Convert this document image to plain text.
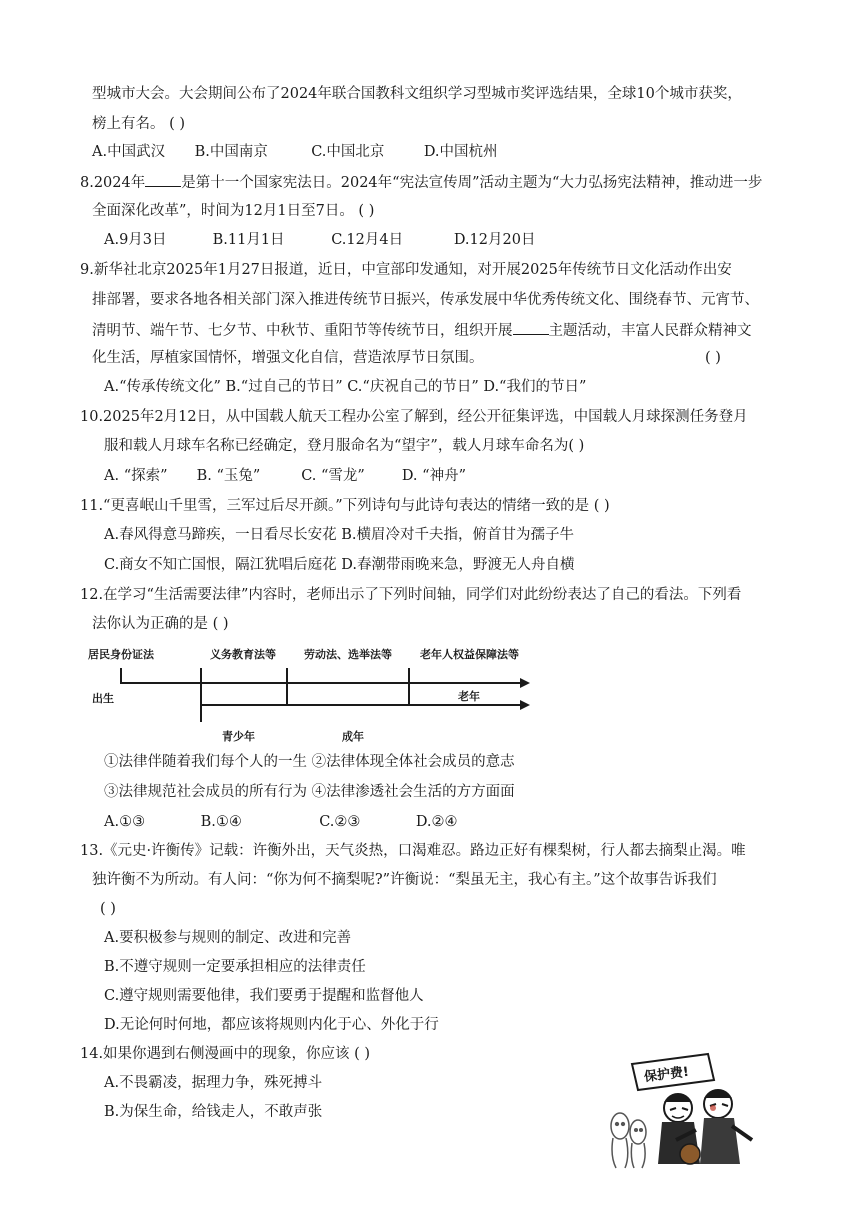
型城市大会。大会期间公布了2024年联合国教科文组织学习型城市奖评选结果，全球10个城市获奖，
榜上有名。 ( )
A.中国武汉 B.中国南京	C.中国北京	D.中国杭州
8.2024年 是第十一个国家宪法日。2024年“宪法宣传周”活动主题为“大力弘扬宪法精神，推动进一步
全面深化改革”，时间为12月1日至7日。 ( )
A.9月3日	B.11月1日	C.12月4日	D.12月20日
9.新华社北京2025年1月27日报道，近日，中宣部印发通知，对开展2025年传统节日文化活动作出安
排部署，要求各地各相关部门深入推进传统节日振兴，传承发展中华优秀传统文化、围绕春节、元宵节、
清明节、端午节、七夕节、中秋节、重阳节等传统节日，组织开展 主题活动，丰富人民群众精神文
化生活，厚植家国情怀，增强文化自信，营造浓厚节日氛围。	( )
A.“传承传统文化” B.“过自己的节日” C.“庆祝自己的节日” D.“我们的节日”
10.2025年2月12日，从中国载人航天工程办公室了解到，经公开征集评选，中国载人月球探测任务登月
服和载人月球车名称已经确定，登月服命名为“望宇”，载人月球车命名为( )
A. “探索” B. “玉兔”	C. “雪龙”	D. “神舟”
11.“更喜岷山千里雪，三军过后尽开颜。”下列诗句与此诗句表达的情绪一致的是 ( )
A.春风得意马蹄疾，一日看尽长安花 B.横眉冷对千夫指，俯首甘为孺子牛
C.商女不知亡国恨，隔江犹唱后庭花 D.春潮带雨晚来急，野渡无人舟自横
12.在学习“生活需要法律”内容时，老师出示了下列时间轴，同学们对此纷纷表达了自己的看法。下列看
法你认为正确的是 ( )
居民身份证法	义务教育法等	劳动法、选举法等	老年人权益保障法等
出生	老年
青少年	成年
①法律伴随着我们每个人的一生 ②法律体现全体社会成员的意志
③法律规范社会成员的所有行为 ④法律渗透社会生活的方方面面
A.①③	B.①④	C.②③	D.②④
13.《元史·许衡传》记载：许衡外出，天气炎热，口渴难忍。路边正好有棵梨树，行人都去摘梨止渴。唯
独许衡不为所动。有人问：“你为何不摘梨呢?”许衡说：“梨虽无主，我心有主。”这个故事告诉我们
( )
A.要积极参与规则的制定、改进和完善
B.不遵守规则一定要承担相应的法律责任
C.遵守规则需要他律，我们要勇于提醒和监督他人
D.无论何时何地，都应该将规则内化于心、外化于行
14.如果你遇到右侧漫画中的现象，你应该 ( )
A.不畏霸凌，据理力争，殊死搏斗
B.为保生命，给钱走人，不敢声张
保护费!
